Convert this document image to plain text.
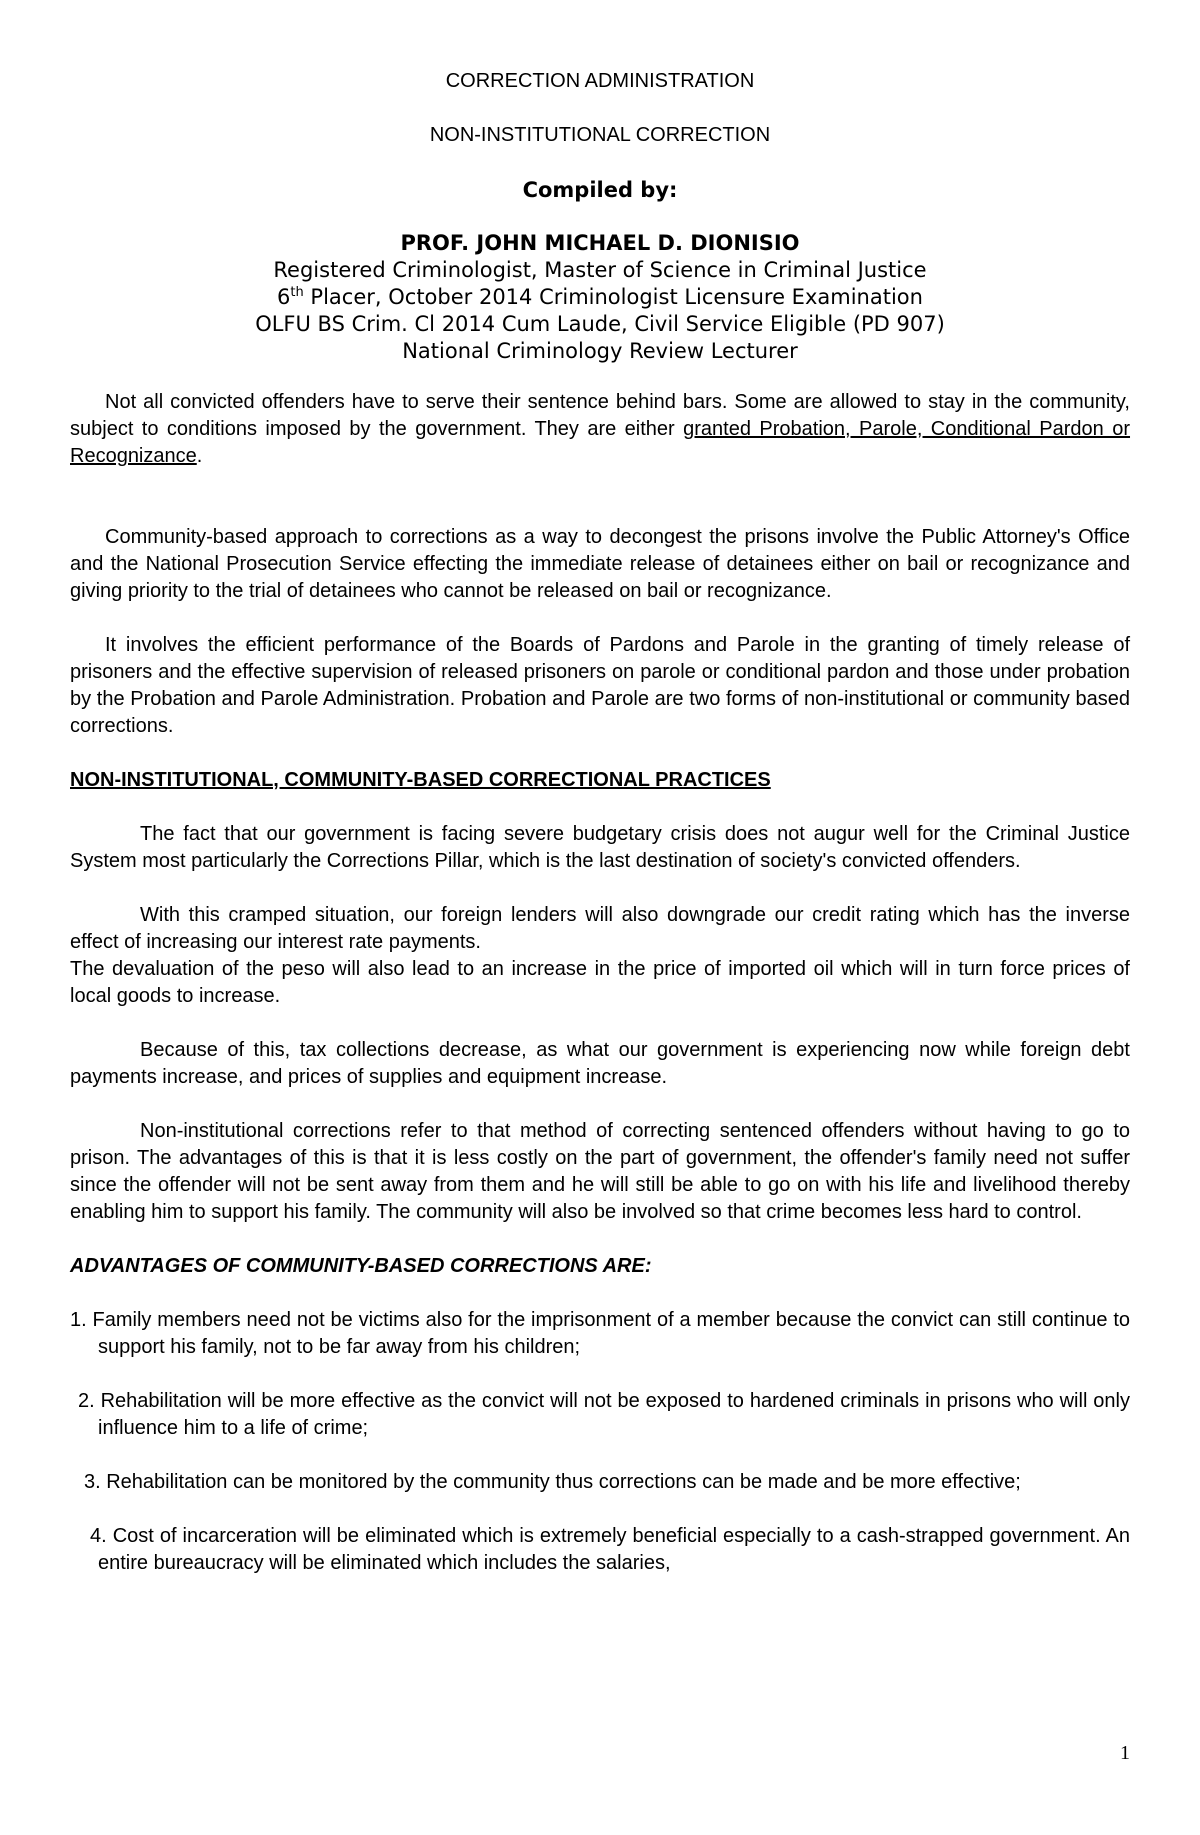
CORRECTION ADMINISTRATION
NON-INSTITUTIONAL CORRECTION
Compiled by:
PROF. JOHN MICHAEL D. DIONISIO
Registered Criminologist, Master of Science in Criminal Justice
6th Placer, October 2014 Criminologist Licensure Examination
OLFU BS Crim. Cl 2014 Cum Laude, Civil Service Eligible (PD 907)
National Criminology Review Lecturer

Not all convicted offenders have to serve their sentence behind bars. Some are allowed to stay in the community, subject to conditions imposed by the government. They are either granted Probation, Parole, Conditional Pardon or Recognizance.

Community-based approach to corrections as a way to decongest the prisons involve the Public Attorney's Office and the National Prosecution Service effecting the immediate release of detainees either on bail or recognizance and giving priority to the trial of detainees who cannot be released on bail or recognizance.

It involves the efficient performance of the Boards of Pardons and Parole in the granting of timely release of prisoners and the effective supervision of released prisoners on parole or conditional pardon and those under probation by the Probation and Parole Administration. Probation and Parole are two forms of non-institutional or community based corrections.

NON-INSTITUTIONAL, COMMUNITY-BASED CORRECTIONAL PRACTICES

The fact that our government is facing severe budgetary crisis does not augur well for the Criminal Justice System most particularly the Corrections Pillar, which is the last destination of society's convicted offenders.

With this cramped situation, our foreign lenders will also downgrade our credit rating which has the inverse effect of increasing our interest rate payments.

The devaluation of the peso will also lead to an increase in the price of imported oil which will in turn force prices of local goods to increase.

Because of this, tax collections decrease, as what our government is experiencing now while foreign debt payments increase, and prices of supplies and equipment increase.

Non-institutional corrections refer to that method of correcting sentenced offenders without having to go to prison. The advantages of this is that it is less costly on the part of government, the offender's family need not suffer since the offender will not be sent away from them and he will still be able to go on with his life and livelihood thereby enabling him to support his family. The community will also be involved so that crime becomes less hard to control.

ADVANTAGES OF COMMUNITY-BASED CORRECTIONS ARE:

1. Family members need not be victims also for the imprisonment of a member because the convict can still continue to support his family, not to be far away from his children;
2. Rehabilitation will be more effective as the convict will not be exposed to hardened criminals in prisons who will only influence him to a life of crime;
3. Rehabilitation can be monitored by the community thus corrections can be made and be more effective;
4. Cost of incarceration will be eliminated which is extremely beneficial especially to a cash-strapped government. An entire bureaucracy will be eliminated which includes the salaries,
1
